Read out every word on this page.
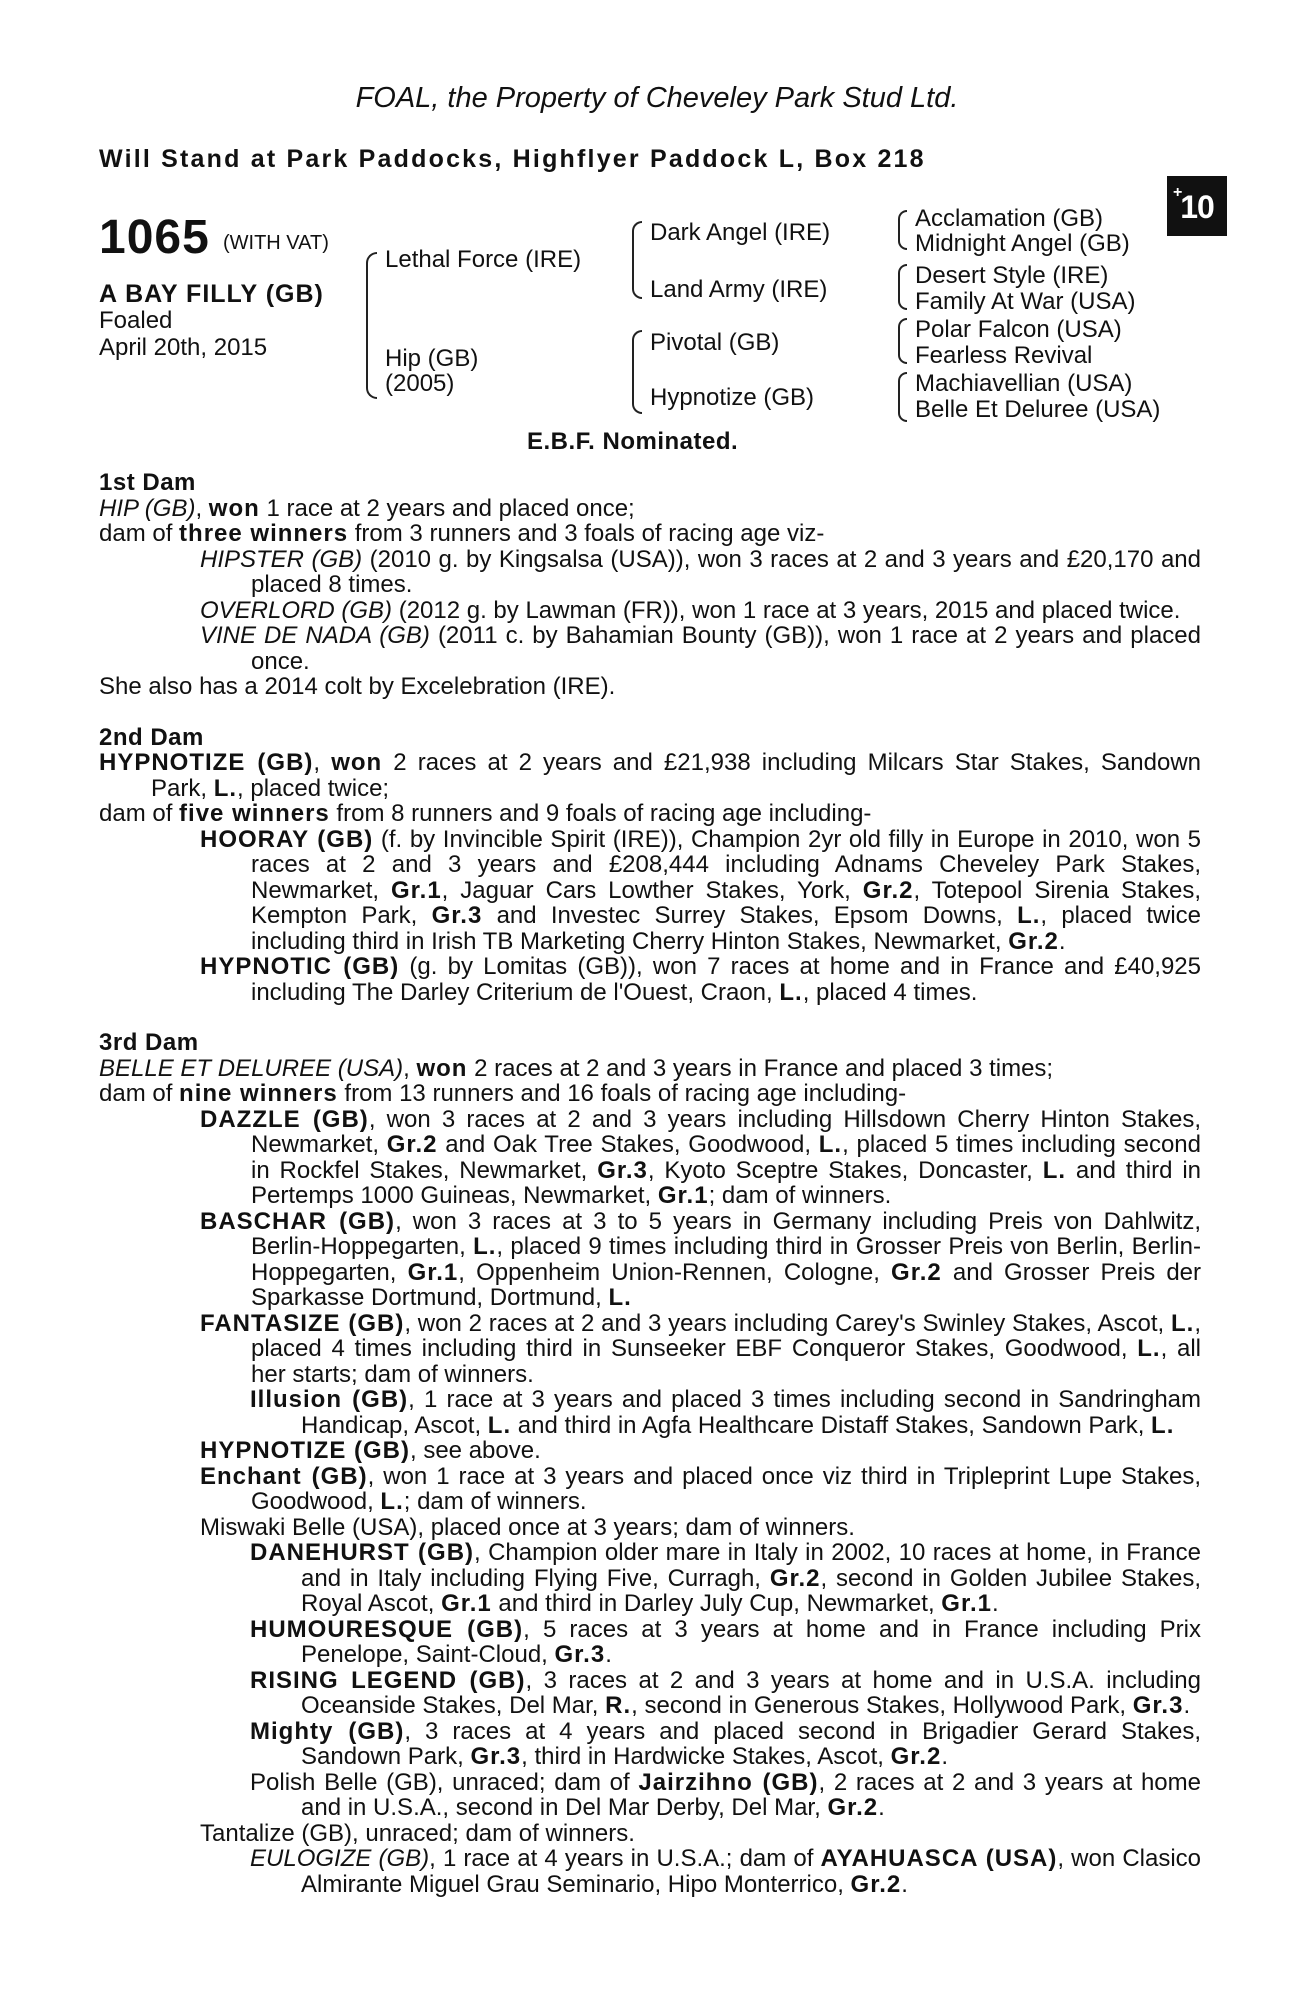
FOAL, the Property of Cheveley Park Stud Ltd.
Will Stand at Park Paddocks, Highflyer Paddock L, Box 218
+
10
1065 (WITH VAT)
A BAY FILLY (GB)
Foaled
April 20th, 2015
Lethal Force (IRE)
Hip (GB)
(2005)
Dark Angel (IRE)
Land Army (IRE)
Pivotal (GB)
Hypnotize (GB)
Acclamation (GB)
Midnight Angel (GB)
Desert Style (IRE)
Family At War (USA)
Polar Falcon (USA)
Fearless Revival
Machiavellian (USA)
Belle Et Deluree (USA)
E.B.F. Nominated.

1st Dam

HIP (GB), won 1 race at 2 years and placed once;

dam of three winners from 3 runners and 3 foals of racing age viz-

HIPSTER (GB) (2010 g. by Kingsalsa (USA)), won 3 races at 2 and 3 years and £20,170 and placed 8 times.

OVERLORD (GB) (2012 g. by Lawman (FR)), won 1 race at 3 years, 2015 and placed twice.

VINE DE NADA (GB) (2011 c. by Bahamian Bounty (GB)), won 1 race at 2 years and placed once.

She also has a 2014 colt by Excelebration (IRE).

2nd Dam

HYPNOTIZE (GB), won 2 races at 2 years and £21,938 including Milcars Star Stakes, Sandown Park, L., placed twice;

dam of five winners from 8 runners and 9 foals of racing age including-

HOORAY (GB) (f. by Invincible Spirit (IRE)), Champion 2yr old filly in Europe in 2010, won 5 races at 2 and 3 years and £208,444 including Adnams Cheveley Park Stakes, Newmarket, Gr.1, Jaguar Cars Lowther Stakes, York, Gr.2, Totepool Sirenia Stakes, Kempton Park, Gr.3 and Investec Surrey Stakes, Epsom Downs, L., placed twice including third in Irish TB Marketing Cherry Hinton Stakes, Newmarket, Gr.2.

HYPNOTIC (GB) (g. by Lomitas (GB)), won 7 races at home and in France and £40,925 including The Darley Criterium de l'Ouest, Craon, L., placed 4 times.

3rd Dam

BELLE ET DELUREE (USA), won 2 races at 2 and 3 years in France and placed 3 times;

dam of nine winners from 13 runners and 16 foals of racing age including-

DAZZLE (GB), won 3 races at 2 and 3 years including Hillsdown Cherry Hinton Stakes, Newmarket, Gr.2 and Oak Tree Stakes, Goodwood, L., placed 5 times including second in Rockfel Stakes, Newmarket, Gr.3, Kyoto Sceptre Stakes, Doncaster, L. and third in Pertemps 1000 Guineas, Newmarket, Gr.1; dam of winners.

BASCHAR (GB), won 3 races at 3 to 5 years in Germany including Preis von Dahlwitz, Berlin-Hoppegarten, L., placed 9 times including third in Grosser Preis von Berlin, Berlin-Hoppegarten, Gr.1, Oppenheim Union-Rennen, Cologne, Gr.2 and Grosser Preis der Sparkasse Dortmund, Dortmund, L.

FANTASIZE (GB), won 2 races at 2 and 3 years including Carey's Swinley Stakes, Ascot, L., placed 4 times including third in Sunseeker EBF Conqueror Stakes, Goodwood, L., all her starts; dam of winners.

Illusion (GB), 1 race at 3 years and placed 3 times including second in Sandringham Handicap, Ascot, L. and third in Agfa Healthcare Distaff Stakes, Sandown Park, L.

HYPNOTIZE (GB), see above.

Enchant (GB), won 1 race at 3 years and placed once viz third in Tripleprint Lupe Stakes, Goodwood, L.; dam of winners.

Miswaki Belle (USA), placed once at 3 years; dam of winners.

DANEHURST (GB), Champion older mare in Italy in 2002, 10 races at home, in France and in Italy including Flying Five, Curragh, Gr.2, second in Golden Jubilee Stakes, Royal Ascot, Gr.1 and third in Darley July Cup, Newmarket, Gr.1.

HUMOURESQUE (GB), 5 races at 3 years at home and in France including Prix Penelope, Saint-Cloud, Gr.3.

RISING LEGEND (GB), 3 races at 2 and 3 years at home and in U.S.A. including Oceanside Stakes, Del Mar, R., second in Generous Stakes, Hollywood Park, Gr.3.

Mighty (GB), 3 races at 4 years and placed second in Brigadier Gerard Stakes, Sandown Park, Gr.3, third in Hardwicke Stakes, Ascot, Gr.2.

Polish Belle (GB), unraced; dam of Jairzihno (GB), 2 races at 2 and 3 years at home and in U.S.A., second in Del Mar Derby, Del Mar, Gr.2.

Tantalize (GB), unraced; dam of winners.

EULOGIZE (GB), 1 race at 4 years in U.S.A.; dam of AYAHUASCA (USA), won Clasico Almirante Miguel Grau Seminario, Hipo Monterrico, Gr.2.
